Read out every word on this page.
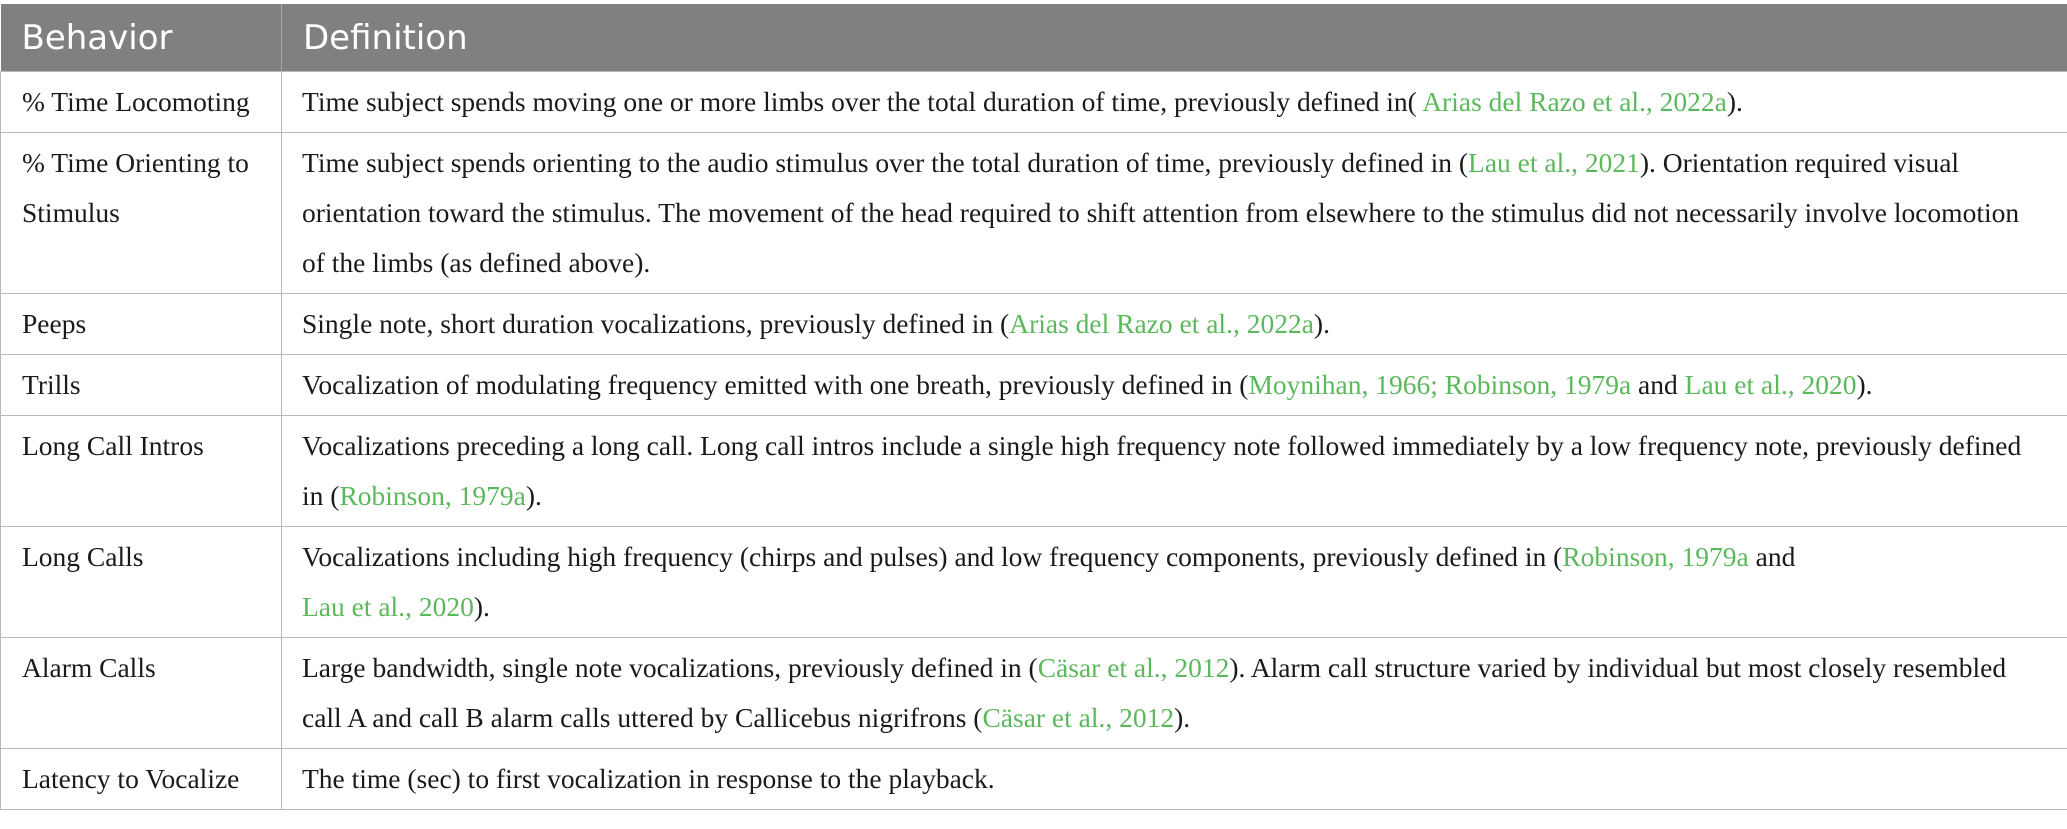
Behavior	Definition
% Time Locomoting	Time subject spends moving one or more limbs over the total duration of time, previously defined in( Arias del Razo et al., 2022a).
% Time Orienting to Stimulus	Time subject spends orienting to the audio stimulus over the total duration of time, previously defined in (Lau et al., 2021). Orientation required visual orientation toward the stimulus. The movement of the head required to shift attention from elsewhere to the stimulus did not necessarily involve locomotion of the limbs (as defined above).
Peeps	Single note, short duration vocalizations, previously defined in (Arias del Razo et al., 2022a).
Trills	Vocalization of modulating frequency emitted with one breath, previously defined in (Moynihan, 1966; Robinson, 1979a and Lau et al., 2020).
Long Call Intros	Vocalizations preceding a long call. Long call intros include a single high frequency note followed immediately by a low frequency note, previously defined in (Robinson, 1979a).
Long Calls	Vocalizations including high frequency (chirps and pulses) and low frequency components, previously defined in (Robinson, 1979a and
Lau et al., 2020).
Alarm Calls	Large bandwidth, single note vocalizations, previously defined in (Cäsar et al., 2012). Alarm call structure varied by individual but most closely resembled call A and call B alarm calls uttered by Callicebus nigrifrons (Cäsar et al., 2012).
Latency to Vocalize	The time (sec) to first vocalization in response to the playback.
